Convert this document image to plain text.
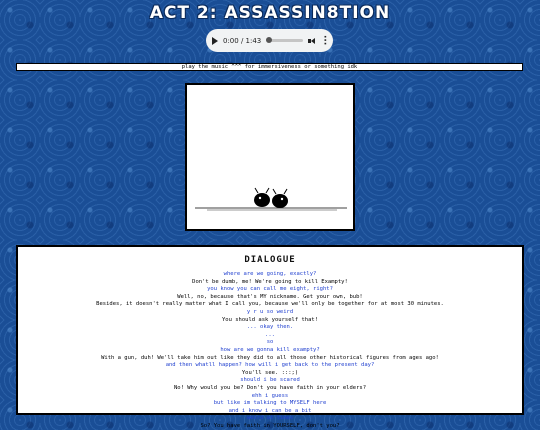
ACT 2: ASSASSIN8TION
0:00 / 1:43	···
play the music ^^^ for immersiveness or something idk
DIALOGUE
where are we going, exactly?
Don't be dumb, me! We're going to kill Exampty!
you know you can call me eight, right?
Well, no, because that's MY nickname. Get your own, bub!
Besides, it doesn't really matter what I call you, because we'll only be together for at most 30 minutes.
y r u so weird
You should ask yourself that!
... okay then.
...
so
how are we gonna kill exampty?
With a gun, duh! We'll take him out like they did to all those other historical figures from ages ago!
and then whatll happen? how will i get back to the present day?
You'll see. :::;)
should i be scared
No! Why would you be? Don't you have faith in your elders?
ehh i guess
but like im talking to MYSELF here
and i know i can be a bit
weird at times
So? You have faith in YOURSELF, don't you?
